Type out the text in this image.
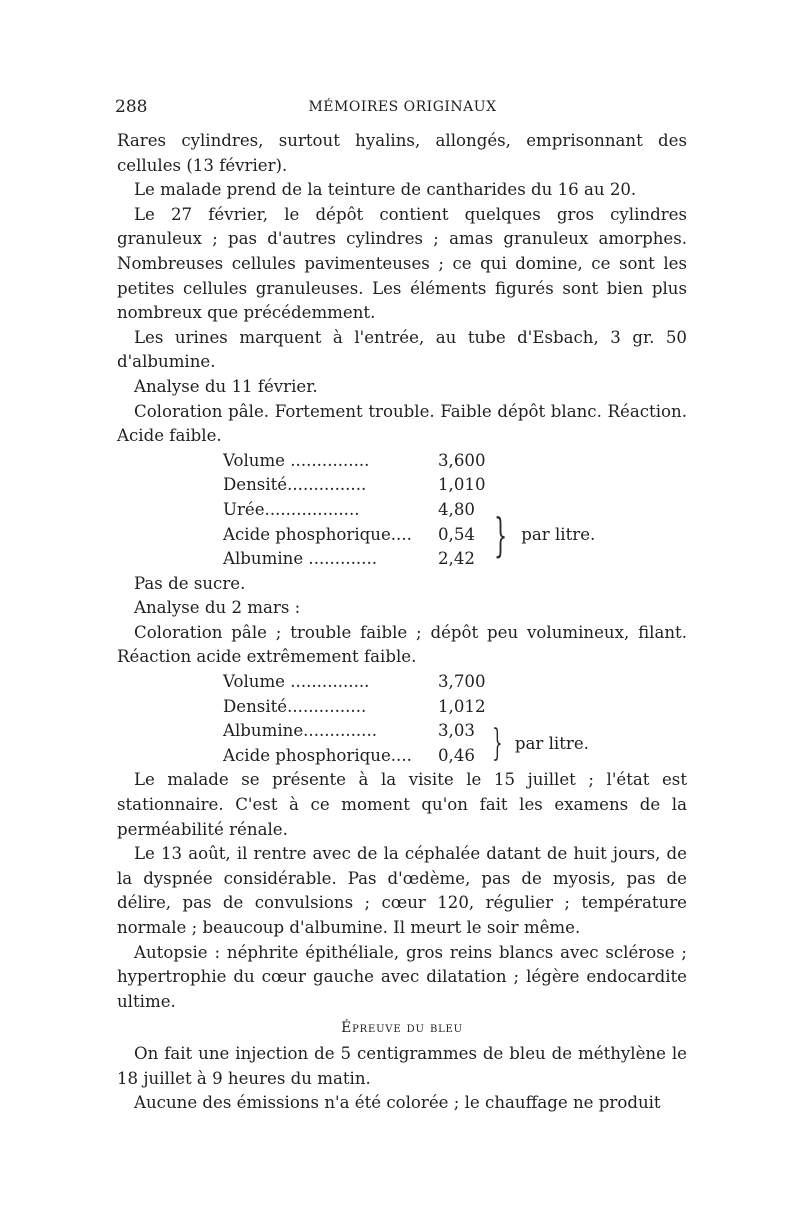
288	MÉMOIRES ORIGINAUX

Rares cylindres, surtout hyalins, allongés, emprisonnant des cellules (13 février).

Le malade prend de la teinture de cantharides du 16 au 20.

Le 27 février, le dépôt contient quelques gros cylindres granuleux ; pas d'autres cylindres ; amas granuleux amorphes. Nombreuses cellules pavimenteuses ; ce qui domine, ce sont les petites cellules granuleuses. Les éléments figurés sont bien plus nombreux que précédemment.

Les urines marquent à l'entrée, au tube d'Esbach, 3 gr. 50 d'albumine.

Analyse du 11 février.

Coloration pâle. Fortement trouble. Faible dépôt blanc. Réaction. Acide faible.

Volume ...............	3,600		
Densité...............	1,010		
Urée..................	4,80	}	par litre.
Acide phosphorique....	0,54		
Albumine .............	2,42		

Pas de sucre.

Analyse du 2 mars :

Coloration pâle ; trouble faible ; dépôt peu volumineux, filant. Réaction acide extrêmement faible.

Volume ...............	3,700		
Densité...............	1,012		
Albumine..............	3,03	}	par litre.
Acide phosphorique....	0,46		

Le malade se présente à la visite le 15 juillet ; l'état est stationnaire. C'est à ce moment qu'on fait les examens de la perméabilité rénale.

Le 13 août, il rentre avec de la céphalée datant de huit jours, de la dyspnée considérable. Pas d'œdème, pas de myosis, pas de délire, pas de convulsions ; cœur 120, régulier ; température normale ; beaucoup d'albumine. Il meurt le soir même.

Autopsie : néphrite épithéliale, gros reins blancs avec sclérose ; hypertrophie du cœur gauche avec dilatation ; légère endocardite ultime.

Épreuve du bleu

On fait une injection de 5 centigrammes de bleu de méthylène le 18 juillet à 9 heures du matin.

Aucune des émissions n'a été colorée ; le chauffage ne produit
